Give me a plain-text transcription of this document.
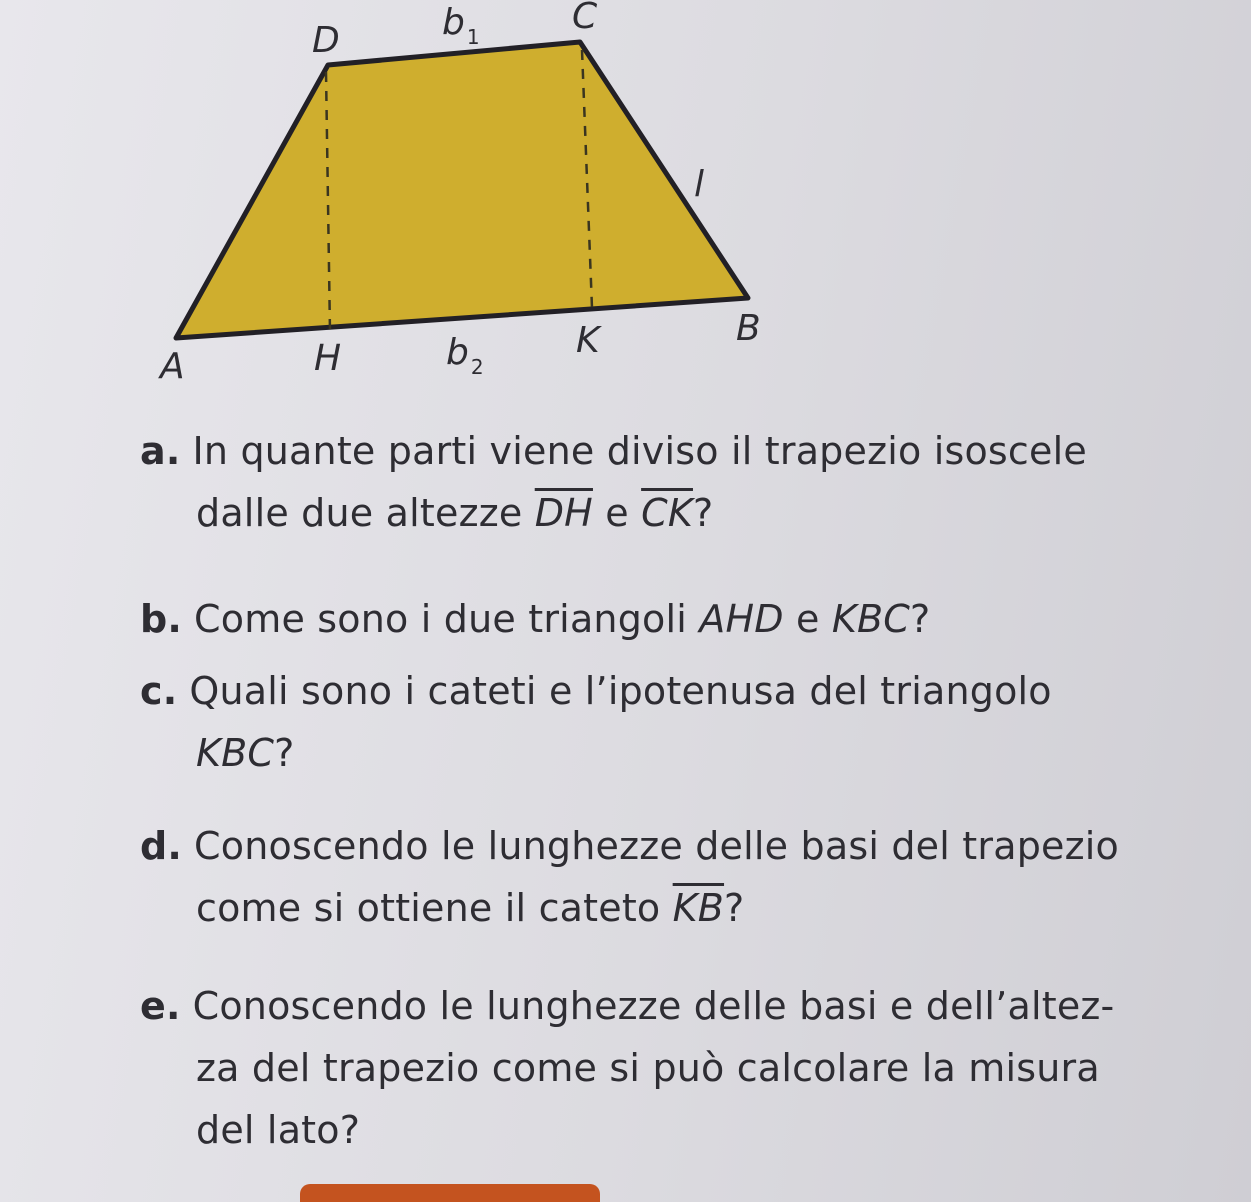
D	b $_1$	C
l
A	H	b $_2$
K	B
a. In quante parti viene diviso il trapezio isoscele
dalle due altezze $\overline{DH}$ e $\overline{CK}$?
b. Come sono i due triangoli AHD e KBC?
c. Quali sono i cateti e l’ipotenusa del triangolo
KBC?
d. Conoscendo le lunghezze delle basi del trapezio
come si ottiene il cateto $\overline{KB}$?
e. Conoscendo le lunghezze delle basi e dell’altez-
za del trapezio come si può calcolare la misura
del lato?
